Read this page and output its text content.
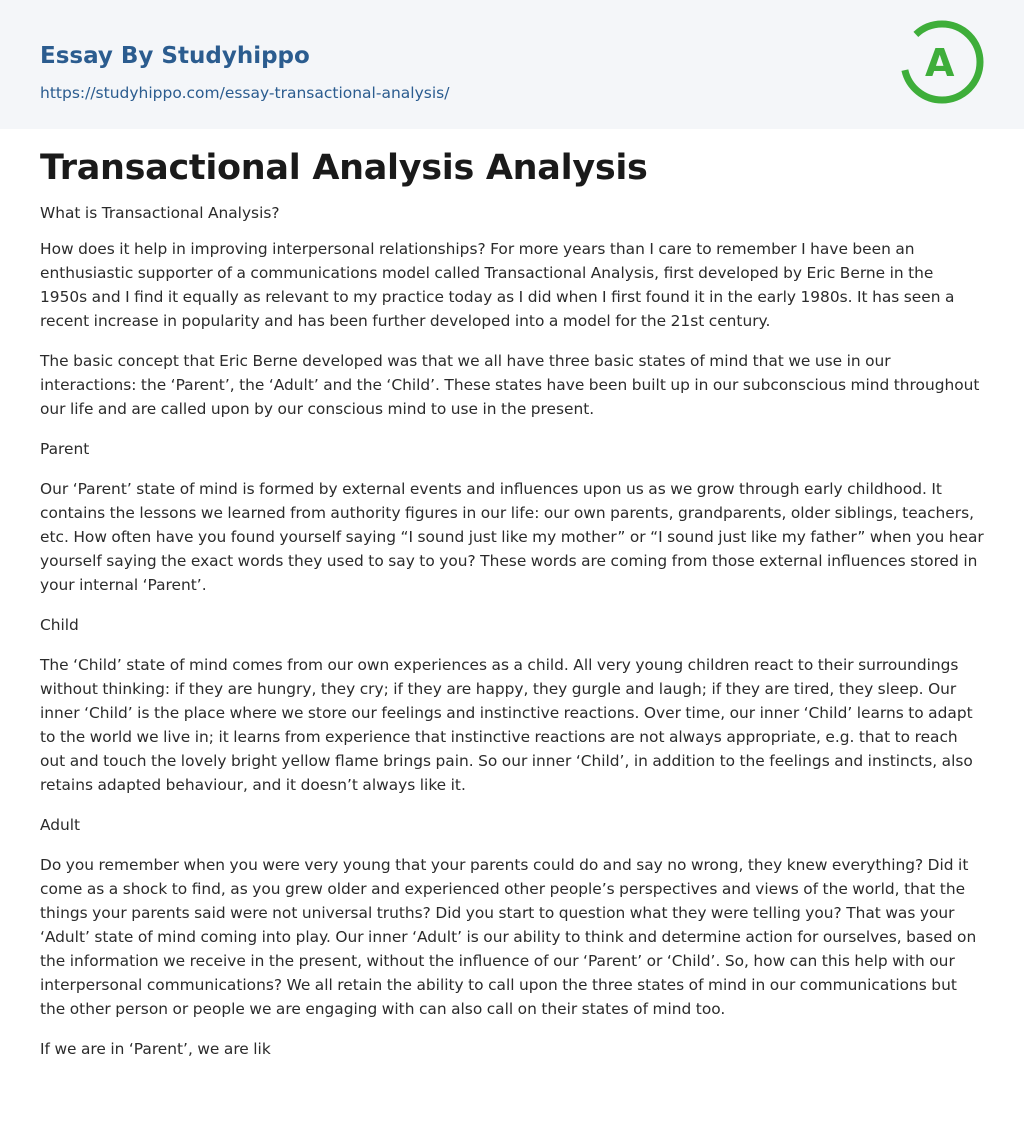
Essay By Studyhippo
https://studyhippo.com/essay-transactional-analysis/
A
Transactional Analysis Analysis

What is Transactional Analysis?

How does it help in improving interpersonal relationships? For more years than I care to remember I have been an enthusiastic supporter of a communications model called Transactional Analysis, first developed by Eric Berne in the 1950s and I find it equally as relevant to my practice today as I did when I first found it in the early 1980s. It has seen a recent increase in popularity and has been further developed into a model for the 21st century.

The basic concept that Eric Berne developed was that we all have three basic states of mind that we use in our interactions: the ‘Parent’, the ‘Adult’ and the ‘Child’. These states have been built up in our subconscious mind throughout our life and are called upon by our conscious mind to use in the present.

Parent

Our ‘Parent’ state of mind is formed by external events and influences upon us as we grow through early childhood. It contains the lessons we learned from authority figures in our life: our own parents, grandparents, older siblings, teachers, etc. How often have you found yourself saying “I sound just like my mother” or “I sound just like my father” when you hear yourself saying the exact words they used to say to you? These words are coming from those external influences stored in your internal ‘Parent’.

Child

The ‘Child’ state of mind comes from our own experiences as a child. All very young children react to their surroundings without thinking: if they are hungry, they cry; if they are happy, they gurgle and laugh; if they are tired, they sleep. Our inner ‘Child’ is the place where we store our feelings and instinctive reactions. Over time, our inner ‘Child’ learns to adapt to the world we live in; it learns from experience that instinctive reactions are not always appropriate, e.g. that to reach out and touch the lovely bright yellow flame brings pain. So our inner ‘Child’, in addition to the feelings and instincts, also retains adapted behaviour, and it doesn’t always like it.

Adult

Do you remember when you were very young that your parents could do and say no wrong, they knew everything? Did it come as a shock to find, as you grew older and experienced other people’s perspectives and views of the world, that the things your parents said were not universal truths? Did you start to question what they were telling you? That was your ‘Adult’ state of mind coming into play. Our inner ‘Adult’ is our ability to think and determine action for ourselves, based on the information we receive in the present, without the influence of our ‘Parent’ or ‘Child’. So, how can this help with our interpersonal communications? We all retain the ability to call upon the three states of mind in our communications but the other person or people we are engaging with can also call on their states of mind too.

If we are in ‘Parent’, we are lik
